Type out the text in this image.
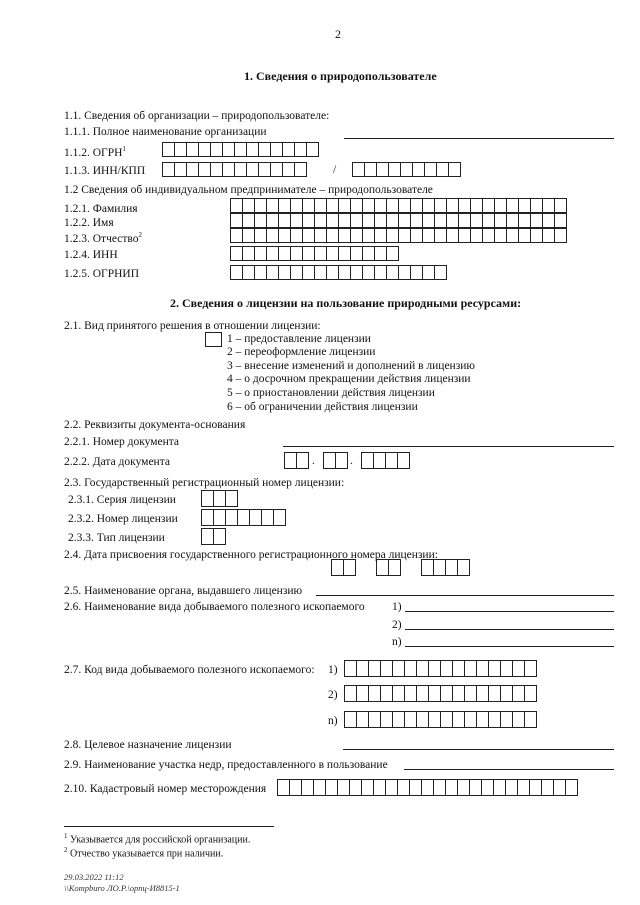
2
1. Сведения о природопользователе
1.1. Сведения об организации – природопользователе:
1.1.1. Полное наименование организации
1.1.2. ОГРН$^1$
1.1.3. ИНН/КПП	/
1.2 Сведения об индивидуальном предпринимателе – природопользователе
1.2.1. Фамилия
1.2.2. Имя
1.2.3. Отчество$^2$
1.2.4. ИНН
1.2.5. ОГРНИП
2. Сведения о лицензии на пользование природными ресурсами:
2.1. Вид принятого решения в отношении лицензии:
1 – предоставление лицензии
2 – переоформление лицензии
3 – внесение изменений и дополнений в лицензию
4 – о досрочном прекращении действия лицензии
5 – о приостановлении действия лицензии
6 – об ограничении действия лицензии
2.2. Реквизиты документа-основания
2.2.1. Номер документа
2.2.2. Дата документа	.	.
2.3. Государственный регистрационный номер лицензии:
2.3.1. Серия лицензии
2.3.2. Номер лицензии
2.3.3. Тип лицензии
2.4. Дата присвоения государственного регистрационного номера лицензии:
2.5. Наименование органа, выдавшего лицензию
2.6. Наименование вида добываемого полезного ископаемого 1)
2)
n)
2.7. Код вида добываемого полезного ископаемого: 1)
2)
n)
2.8. Целевое назначение лицензии
2.9. Наименование участка недр, предоставленного в пользование
2.10. Кадастровый номер месторождения
$^1$ Указывается для российской организации.
$^2$ Отчество указывается при наличии.
29.03.2022 11:12
\\Kompburo ЛО.Р.\орпц-И8815-1
